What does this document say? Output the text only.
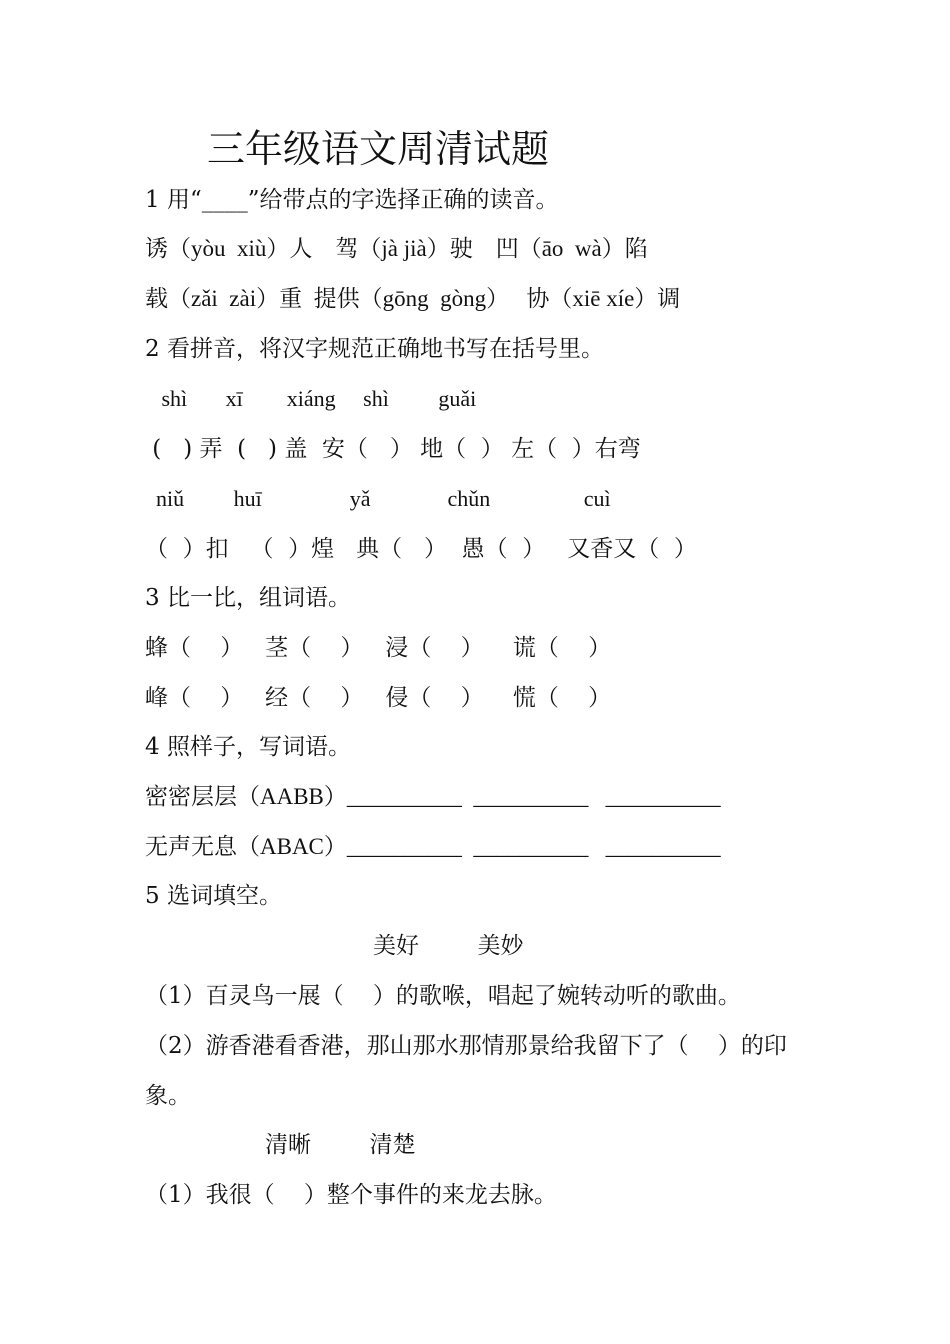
三年级语文周清试题
1 用“____”给带点的字选择正确的读音。
诱（yòu  xiù）人    驾（jà jià）驶    凹（āo  wà）陷
载（zǎi  zài）重  提供（gōng  gòng）   协（xiē xíe）调
2 看拼音，将汉字规范正确地书写在括号里。
shì       xī        xiáng     shì         guǎi
(   ) 弄  (   ) 盖  安（   ） 地（  ） 左（  ）右弯
niǔ         huī                yǎ              chǔn                 cuì
（  ）扣   （  ）煌   典（   ）  愚（  ）   又香又（  ）
3 比一比，组词语。
蜂（    ）   茎（    ）   浸（    ）    谎（    ）
峰（    ）   经（    ）   侵（    ）    慌（    ）
4 照样子，写词语。
密密层层（AABB）__________  __________   __________
无声无息（ABAC）__________  __________   __________
5 选词填空。
美好        美妙
（1）百灵鸟一展（    ）的歌喉，唱起了婉转动听的歌曲。
（2）游香港看香港，那山那水那情那景给我留下了（    ）的印
象。
清晰        清楚
（1）我很（    ）整个事件的来龙去脉。
